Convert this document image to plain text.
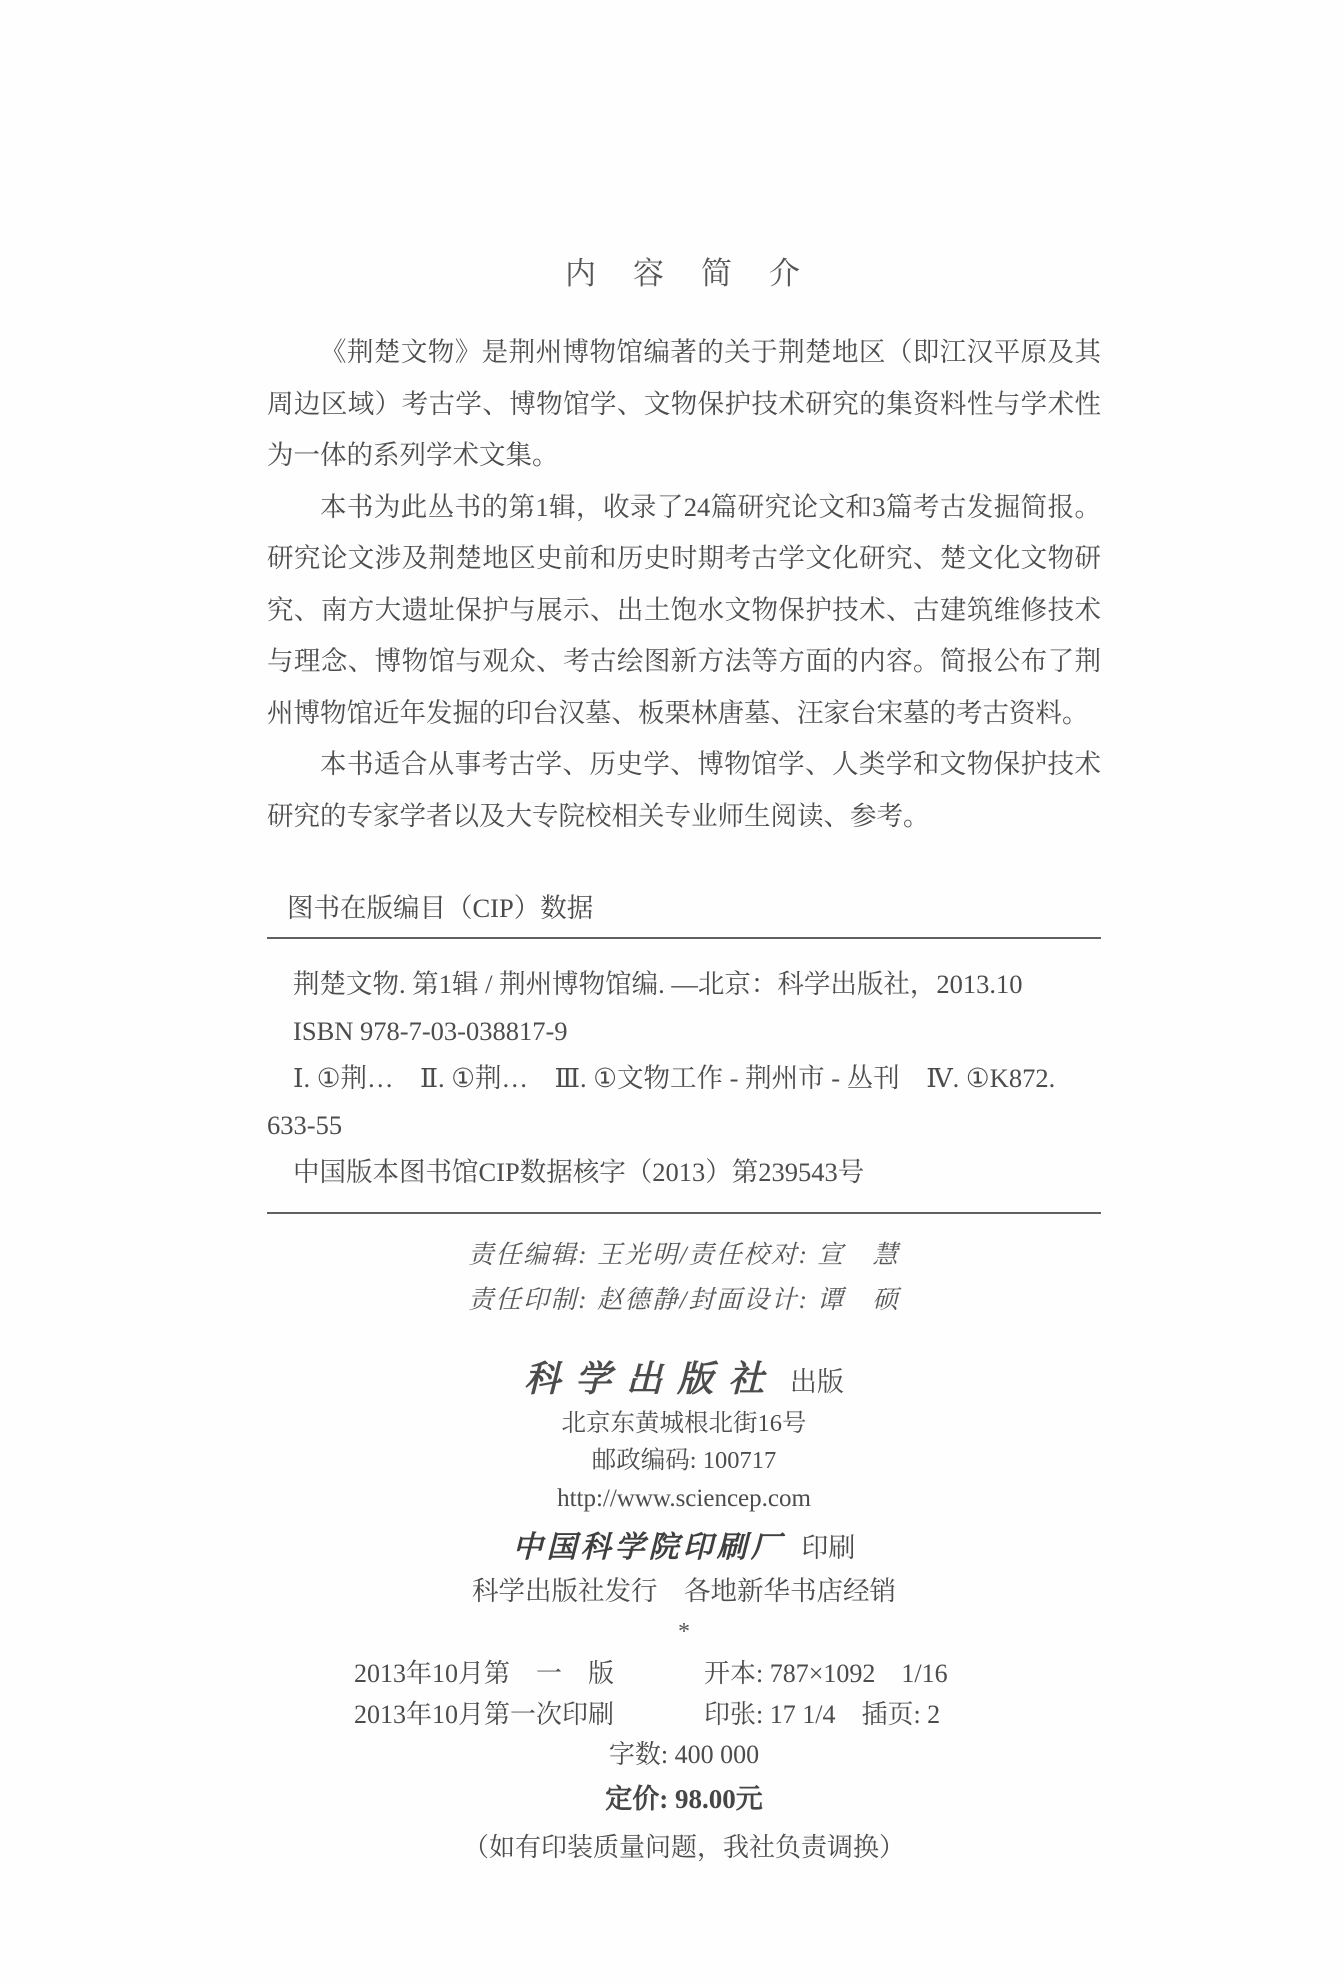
内　容　简　介

《荆楚文物》是荆州博物馆编著的关于荆楚地区（即江汉平原及其周边区域）考古学、博物馆学、文物保护技术研究的集资料性与学术性为一体的系列学术文集。

本书为此丛书的第1辑，收录了24篇研究论文和3篇考古发掘简报。研究论文涉及荆楚地区史前和历史时期考古学文化研究、楚文化文物研究、南方大遗址保护与展示、出土饱水文物保护技术、古建筑维修技术与理念、博物馆与观众、考古绘图新方法等方面的内容。简报公布了荆州博物馆近年发掘的印台汉墓、板栗林唐墓、汪家台宋墓的考古资料。

本书适合从事考古学、历史学、博物馆学、人类学和文物保护技术研究的专家学者以及大专院校相关专业师生阅读、参考。

图书在版编目（CIP）数据
荆楚文物. 第1辑 / 荆州博物馆编. —北京：科学出版社，2013.10
ISBN 978-7-03-038817-9
Ⅰ. ①荆…　Ⅱ. ①荆…　Ⅲ. ①文物工作 - 荆州市 - 丛刊　Ⅳ. ①K872.
633-55
中国版本图书馆CIP数据核字（2013）第239543号
责任编辑: 王光明/责任校对: 宣　慧
责任印制: 赵德静/封面设计: 谭　硕
科学出版社 出版
北京东黄城根北街16号
邮政编码: 100717
http://www.sciencep.com
中国科学院印刷厂 印刷
科学出版社发行　各地新华书店经销
*
2013年10月第　一　版	开本: 787×1092　1/16
2013年10月第一次印刷	印张: 17 1/4　插页: 2
字数: 400 000
定价: 98.00元
（如有印装质量问题，我社负责调换）
